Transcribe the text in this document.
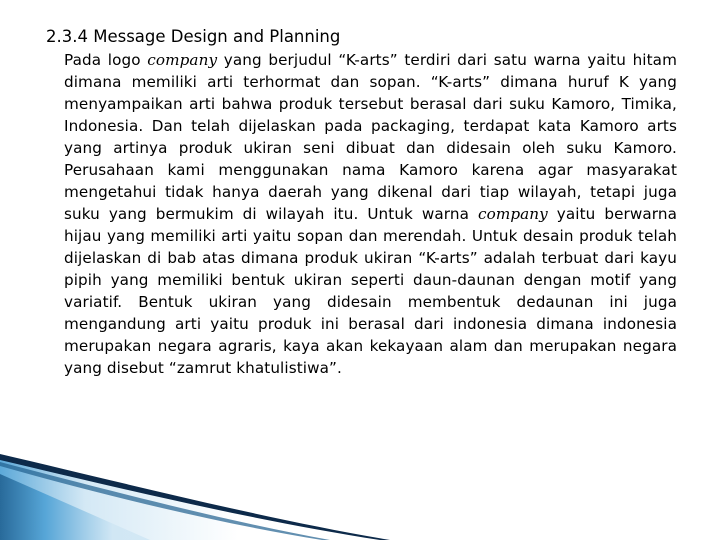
2.3.4 Message Design and Planning
Pada logo company yang berjudul “K-arts” terdiri dari satu warna yaitu hitam dimana memiliki arti terhormat dan sopan. “K-arts” dimana huruf K yang menyampaikan arti bahwa produk tersebut berasal dari suku Kamoro, Timika, Indonesia. Dan telah dijelaskan pada packaging, terdapat kata Kamoro arts yang artinya produk ukiran seni dibuat dan didesain oleh suku Kamoro. Perusahaan kami menggunakan nama Kamoro karena agar masyarakat mengetahui tidak hanya daerah yang dikenal dari tiap wilayah, tetapi juga suku yang bermukim di wilayah itu. Untuk warna company yaitu berwarna hijau yang memiliki arti yaitu sopan dan merendah. Untuk desain produk telah dijelaskan di bab atas dimana produk ukiran “K-arts” adalah terbuat dari kayu pipih yang memiliki bentuk ukiran seperti daun-daunan dengan motif yang variatif. Bentuk ukiran yang didesain membentuk dedaunan ini juga mengandung arti yaitu produk ini berasal dari indonesia dimana indonesia merupakan negara agraris, kaya akan kekayaan alam dan merupakan negara yang disebut “zamrut khatulistiwa”.
